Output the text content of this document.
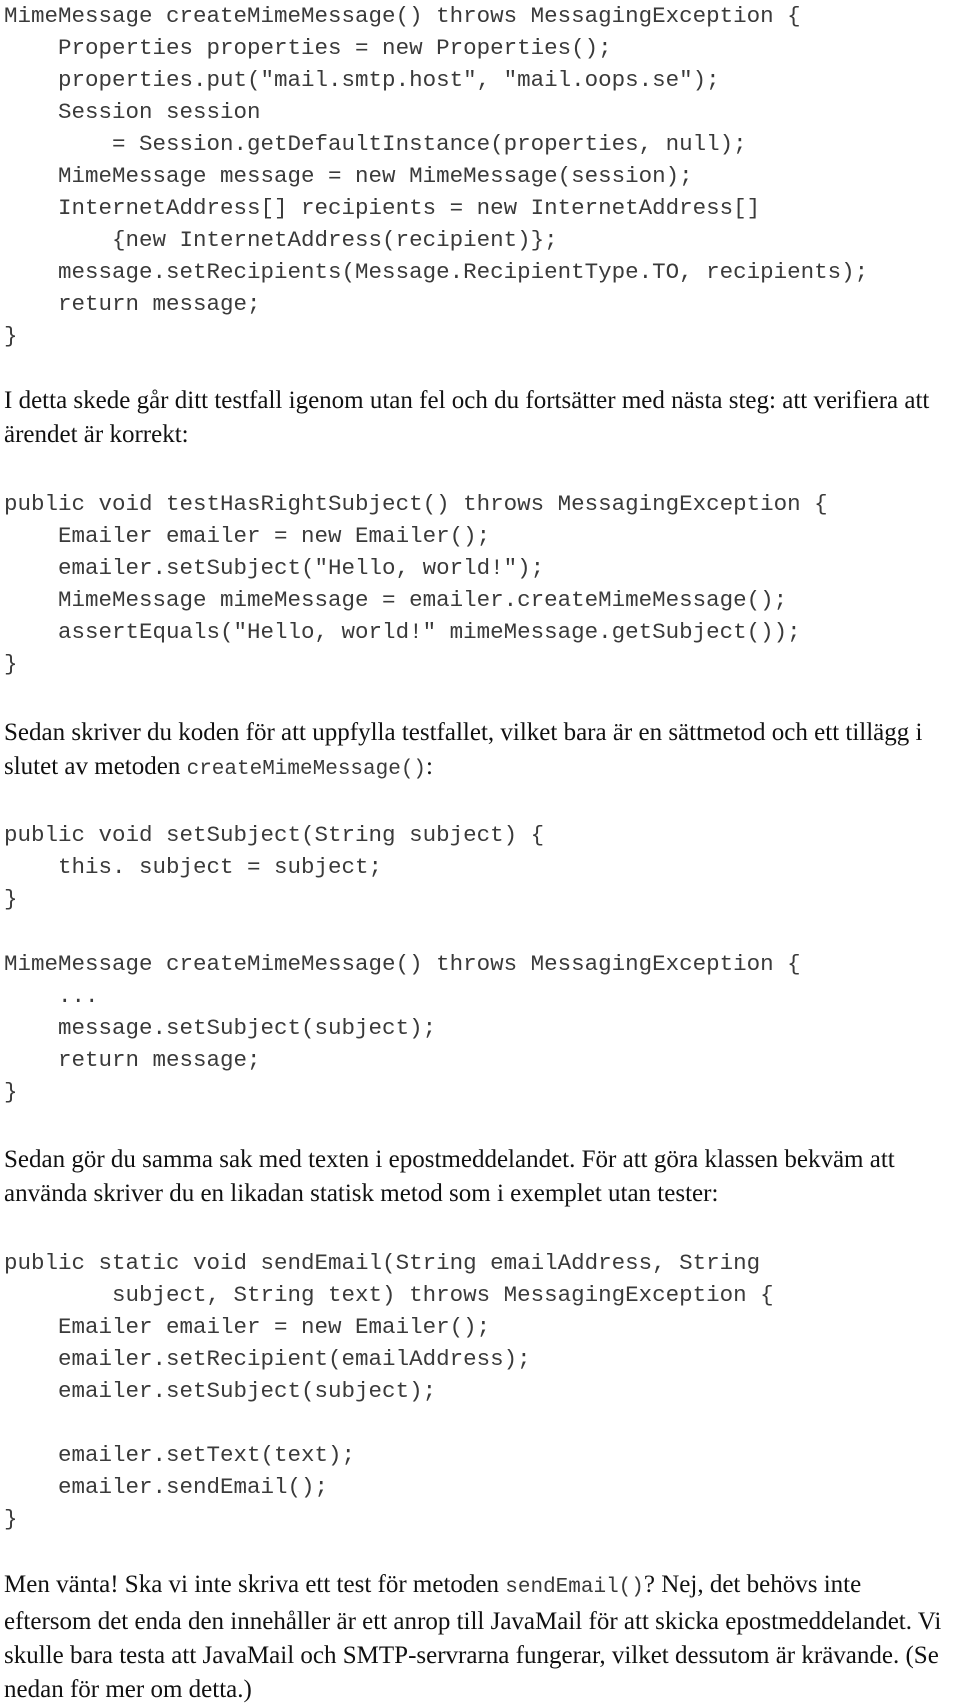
MimeMessage createMimeMessage() throws MessagingException {
Properties properties = new Properties();
properties.put("mail.smtp.host", "mail.oops.se");
Session session
= Session.getDefaultInstance(properties, null);
MimeMessage message = new MimeMessage(session);
InternetAddress[] recipients = new InternetAddress[]
{new InternetAddress(recipient)};
message.setRecipients(Message.RecipientType.TO, recipients);
return message;
}

I detta skede går ditt testfall igenom utan fel och du fortsätter med nästa steg: att verifiera att ärendet är korrekt:

public void testHasRightSubject() throws MessagingException {
Emailer emailer = new Emailer();
emailer.setSubject("Hello, world!");
MimeMessage mimeMessage = emailer.createMimeMessage();
assertEquals("Hello, world!" mimeMessage.getSubject());
}

Sedan skriver du koden för att uppfylla testfallet, vilket bara är en sättmetod och ett tillägg i slutet av metoden createMimeMessage():

public void setSubject(String subject) {
this. subject = subject;
}
MimeMessage createMimeMessage() throws MessagingException {
...
message.setSubject(subject);
return message;
}

Sedan gör du samma sak med texten i epostmeddelandet. För att göra klassen bekväm att använda skriver du en likadan statisk metod som i exemplet utan tester:

public static void sendEmail(String emailAddress, String
subject, String text) throws MessagingException {
Emailer emailer = new Emailer();
emailer.setRecipient(emailAddress);
emailer.setSubject(subject);
emailer.setText(text);
emailer.sendEmail();
}

Men vänta! Ska vi inte skriva ett test för metoden sendEmail()? Nej, det behövs inte eftersom det enda den innehåller är ett anrop till JavaMail för att skicka epostmeddelandet. Vi skulle bara testa att JavaMail och SMTP-servrarna fungerar, vilket dessutom är krävande. (Se nedan för mer om detta.)
